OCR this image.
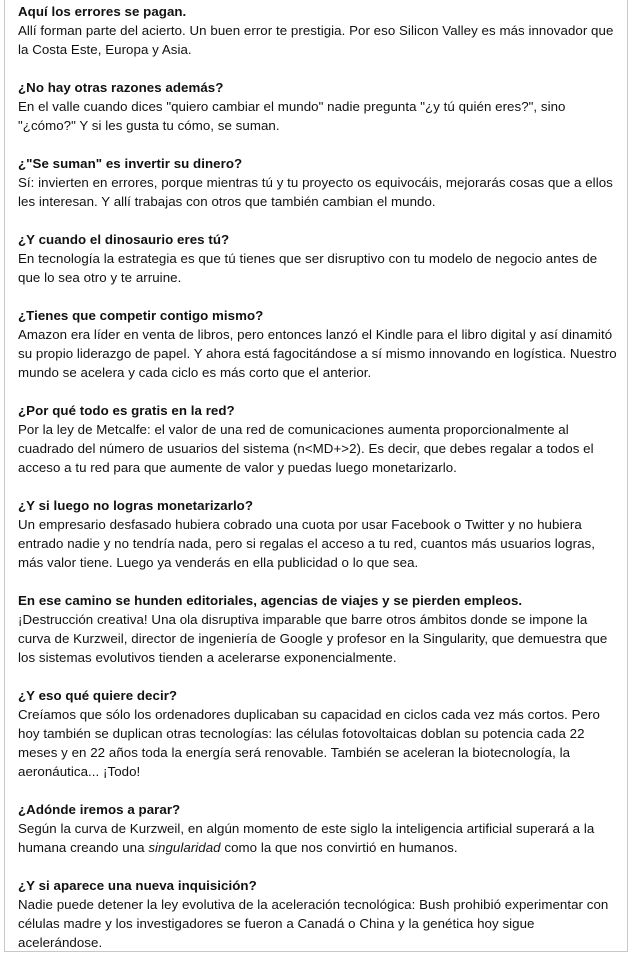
Aquí los errores se pagan.

Allí forman parte del acierto. Un buen error te prestigia. Por eso Silicon Valley es más innovador que la Costa Este, Europa y Asia.

¿No hay otras razones además?

En el valle cuando dices "quiero cambiar el mundo" nadie pregunta "¿y tú quién eres?", sino "¿cómo?" Y si les gusta tu cómo, se suman.

¿"Se suman" es invertir su dinero?

Sí: invierten en errores, porque mientras tú y tu proyecto os equivocáis, mejorarás cosas que a ellos les interesan. Y allí trabajas con otros que también cambian el mundo.

¿Y cuando el dinosaurio eres tú?

En tecnología la estrategia es que tú tienes que ser disruptivo con tu modelo de negocio antes de que lo sea otro y te arruine.

¿Tienes que competir contigo mismo?

Amazon era líder en venta de libros, pero entonces lanzó el Kindle para el libro digital y así dinamitó su propio liderazgo de papel. Y ahora está fagocitándose a sí mismo innovando en logística. Nuestro mundo se acelera y cada ciclo es más corto que el anterior.

¿Por qué todo es gratis en la red?

Por la ley de Metcalfe: el valor de una red de comunicaciones aumenta proporcionalmente al cuadrado del número de usuarios del sistema (n<MD+>2). Es decir, que debes regalar a todos el acceso a tu red para que aumente de valor y puedas luego monetarizarlo.

¿Y si luego no logras monetarizarlo?

Un empresario desfasado hubiera cobrado una cuota por usar Facebook o Twitter y no hubiera entrado nadie y no tendría nada, pero si regalas el acceso a tu red, cuantos más usuarios logras, más valor tiene. Luego ya venderás en ella publicidad o lo que sea.

En ese camino se hunden editoriales, agencias de viajes y se pierden empleos.

¡Destrucción creativa! Una ola disruptiva imparable que barre otros ámbitos donde se impone la curva de Kurzweil, director de ingeniería de Google y profesor en la Singularity, que demuestra que los sistemas evolutivos tienden a acelerarse exponencialmente.

¿Y eso qué quiere decir?

Creíamos que sólo los ordenadores duplicaban su capacidad en ciclos cada vez más cortos. Pero hoy también se duplican otras tecnologías: las células fotovoltaicas doblan su potencia cada 22 meses y en 22 años toda la energía será renovable. También se aceleran la biotecnología, la aeronáutica... ¡Todo!

¿Adónde iremos a parar?

Según la curva de Kurzweil, en algún momento de este siglo la inteligencia artificial superará a la humana creando una singularidad como la que nos convirtió en humanos.

¿Y si aparece una nueva inquisición?

Nadie puede detener la ley evolutiva de la aceleración tecnológica: Bush prohibió experimentar con células madre y los investigadores se fueron a Canadá o China y la genética hoy sigue acelerándose.
